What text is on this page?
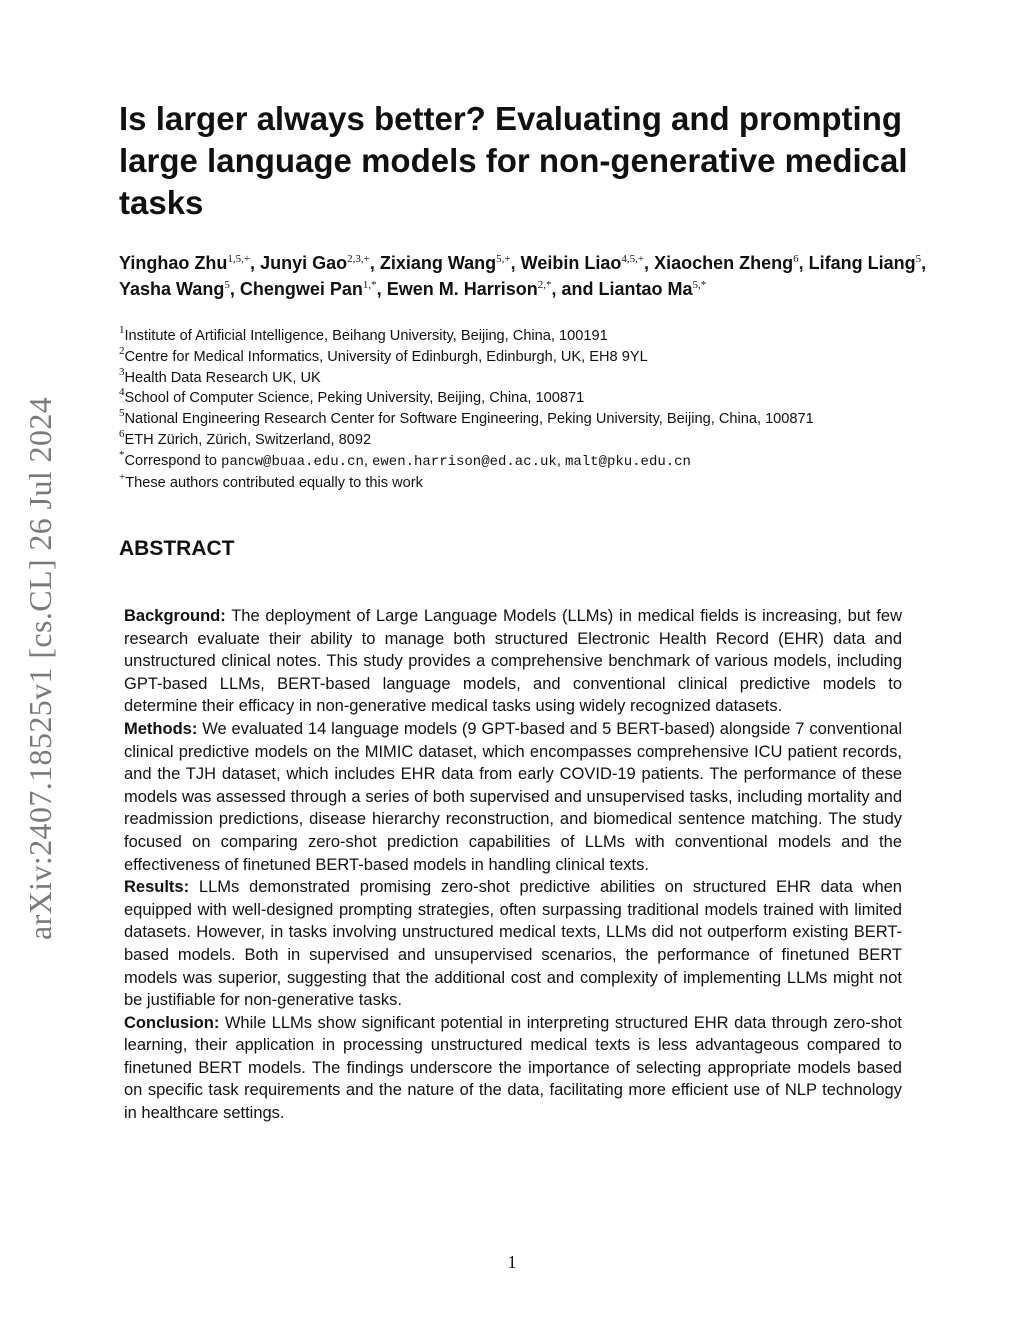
arXiv:2407.18525v1 [cs.CL] 26 Jul 2024
Is larger always better? Evaluating and prompting large language models for non-generative medical tasks

Yinghao Zhu$^{1,5,+}$, Junyi Gao$^{2,3,+}$, Zixiang Wang$^{5,+}$, Weibin Liao$^{4,5,+}$, Xiaochen Zheng$^6$, Lifang Liang$^5$, Yasha Wang$^5$, Chengwei Pan$^{1,*}$, Ewen M. Harrison$^{2,*}$, and Liantao $Ma^{5,*}$

$^1$Institute of Artificial Intelligence, Beihang University, Beijing, China, 100191
$^2$Centre for Medical Informatics, University of Edinburgh, Edinburgh, UK, EH8 9YL
$^3$Health Data Research UK, UK
$^4$School of Computer Science, Peking University, Beijing, China, 100871
$^5$National Engineering Research Center for Software Engineering, Peking University, Beijing, China, 100871
$^6$ETH Zürich, Zürich, Switzerland, 8092
*Correspond to pancw@buaa.edu.cn, ewen.harrison@ed.ac.uk, malt@pku.edu.cn
+These authors contributed equally to this work
ABSTRACT

Background: The deployment of Large Language Models (LLMs) in medical fields is increasing, but few research evaluate their ability to manage both structured Electronic Health Record (EHR) data and unstructured clinical notes. This study provides a comprehensive benchmark of various models, including GPT-based LLMs, BERT-based language models, and conventional clinical predictive models to determine their efficacy in non-generative medical tasks using widely recognized datasets.

Methods: We evaluated 14 language models (9 GPT-based and 5 BERT-based) alongside 7 conventional clinical predictive models on the MIMIC dataset, which encompasses comprehensive ICU patient records, and the TJH dataset, which includes EHR data from early COVID-19 patients. The performance of these models was assessed through a series of both supervised and unsupervised tasks, including mortality and readmission predictions, disease hierarchy reconstruction, and biomedical sentence matching. The study focused on comparing zero-shot prediction capabilities of LLMs with conventional models and the effectiveness of finetuned BERT-based models in handling clinical texts.

Results: LLMs demonstrated promising zero-shot predictive abilities on structured EHR data when equipped with well-designed prompting strategies, often surpassing traditional models trained with limited datasets. However, in tasks involving unstructured medical texts, LLMs did not outperform existing BERT-based models. Both in supervised and unsupervised scenarios, the performance of finetuned BERT models was superior, suggesting that the additional cost and complexity of implementing LLMs might not be justifiable for non-generative tasks.

Conclusion: While LLMs show significant potential in interpreting structured EHR data through zero-shot learning, their application in processing unstructured medical texts is less advantageous compared to finetuned BERT models. The findings underscore the importance of selecting appropriate models based on specific task requirements and the nature of the data, facilitating more efficient use of NLP technology in healthcare settings.

1
